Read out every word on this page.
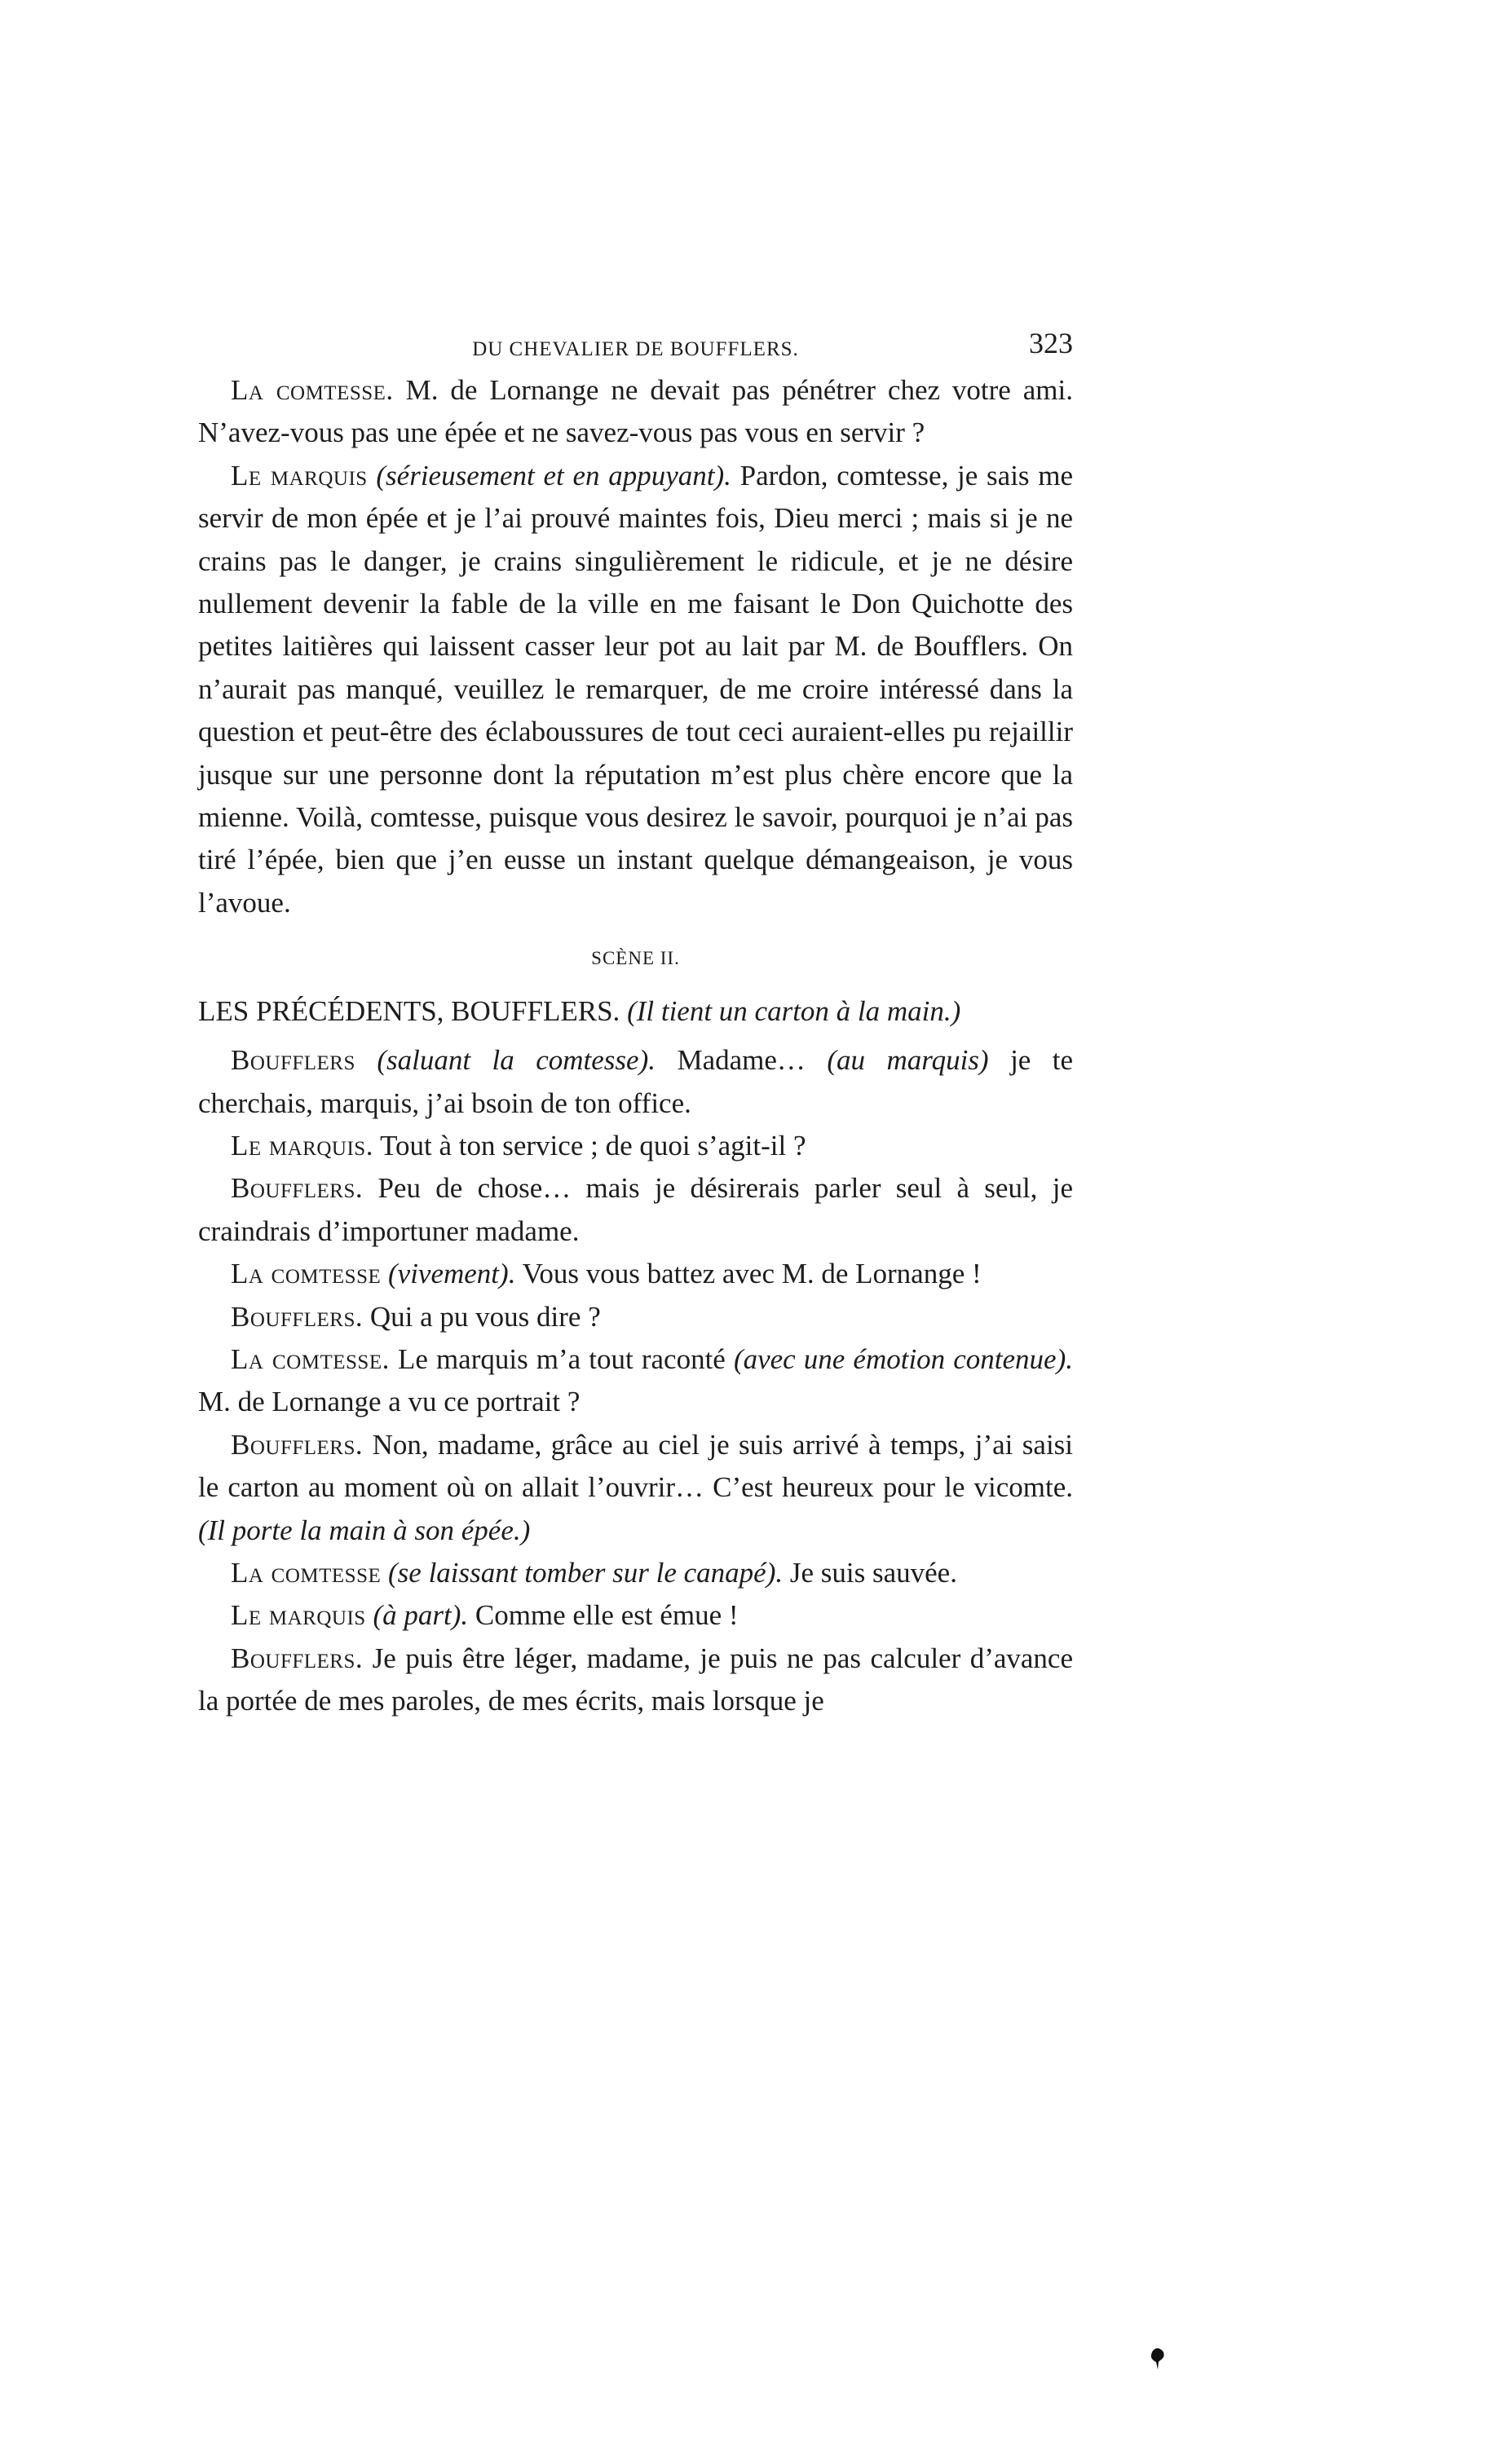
DU CHEVALIER DE BOUFFLERS.	323

La comtesse. M. de Lornange ne devait pas pénétrer chez votre ami. N’avez-vous pas une épée et ne savez-vous pas vous en servir ?

Le marquis (sérieusement et en appuyant). Pardon, comtesse, je sais me servir de mon épée et je l’ai prouvé maintes fois, Dieu merci ; mais si je ne crains pas le danger, je crains singulièrement le ridicule, et je ne désire nullement devenir la fable de la ville en me faisant le Don Quichotte des petites laitières qui laissent casser leur pot au lait par M. de Boufflers. On n’aurait pas manqué, veuillez le remarquer, de me croire intéressé dans la question et peut-être des éclaboussures de tout ceci auraient-elles pu rejaillir jusque sur une personne dont la réputation m’est plus chère encore que la mienne. Voilà, comtesse, puisque vous desirez le savoir, pourquoi je n’ai pas tiré l’épée, bien que j’en eusse un instant quelque démangeaison, je vous l’avoue.

SCÈNE II.

LES PRÉCÉDENTS, BOUFFLERS. (Il tient un carton à la main.)

Boufflers (saluant la comtesse). Madame… (au marquis) je te cherchais, marquis, j’ai bsoin de ton office.

Le marquis. Tout à ton service ; de quoi s’agit-il ?

Boufflers. Peu de chose… mais je désirerais parler seul à seul, je craindrais d’importuner madame.

La comtesse (vivement). Vous vous battez avec M. de Lornange !

Boufflers. Qui a pu vous dire ?

La comtesse. Le marquis m’a tout raconté (avec une émotion contenue). M. de Lornange a vu ce portrait ?

Boufflers. Non, madame, grâce au ciel je suis arrivé à temps, j’ai saisi le carton au moment où on allait l’ouvrir… C’est heureux pour le vicomte. (Il porte la main à son épée.)

La comtesse (se laissant tomber sur le canapé). Je suis sauvée.

Le marquis (à part). Comme elle est émue !

Boufflers. Je puis être léger, madame, je puis ne pas calculer d’avance la portée de mes paroles, de mes écrits, mais lorsque je
